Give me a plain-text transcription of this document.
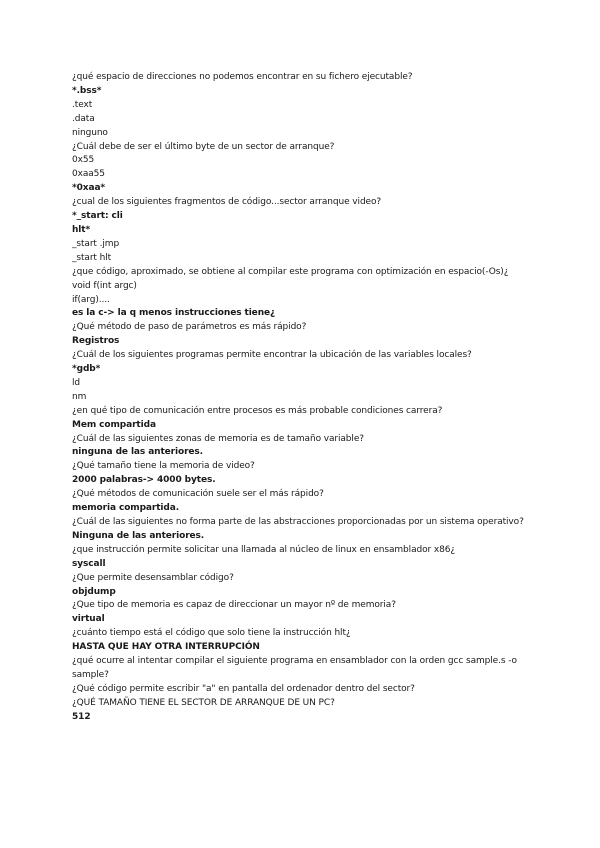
¿qué espacio de direcciones no podemos encontrar en su fichero ejecutable?
*.bss*
.text
.data
ninguno
¿Cuál debe de ser el último byte de un sector de arranque?
0x55
0xaa55
*0xaa*
¿cual de los siguientes fragmentos de código...sector arranque video?
*_start: cli
hlt*
_start .jmp
_start hlt
¿que código, aproximado, se obtiene al compilar este programa con optimización en espacio(-Os)¿
void f(int argc)
if(arg)....
es la c-> la q menos instrucciones tiene¿
¿Qué método de paso de parámetros es más rápido?
Registros
¿Cuál de los siguientes programas permite encontrar la ubicación de las variables locales?
*gdb*
ld
nm
¿en qué tipo de comunicación entre procesos es más probable condiciones carrera?
Mem compartida
¿Cuál de las siguientes zonas de memoria es de tamaño variable?
ninguna de las anteriores.
¿Qué tamaño tiene la memoria de video?
2000 palabras-> 4000 bytes.
¿Qué métodos de comunicación suele ser el más rápido?
memoria compartida.
¿Cuál de las siguientes no forma parte de las abstracciones proporcionadas por un sistema operativo?
Ninguna de las anteriores.
¿que instrucción permite solicitar una llamada al núcleo de linux en ensamblador x86¿
syscall
¿Que permite desensamblar código?
objdump
¿Que tipo de memoria es capaz de direccionar un mayor nº de memoria?
virtual
¿cuánto tiempo está el código que solo tiene la instrucción hlt¿
HASTA QUE HAY OTRA INTERRUPCIÓN
¿qué ocurre al intentar compilar el siguiente programa en ensamblador con la orden gcc sample.s -o
sample?
¿Qué código permite escribir "a" en pantalla del ordenador dentro del sector?
¿QUÉ TAMAÑO TIENE EL SECTOR DE ARRANQUE DE UN PC?
512
